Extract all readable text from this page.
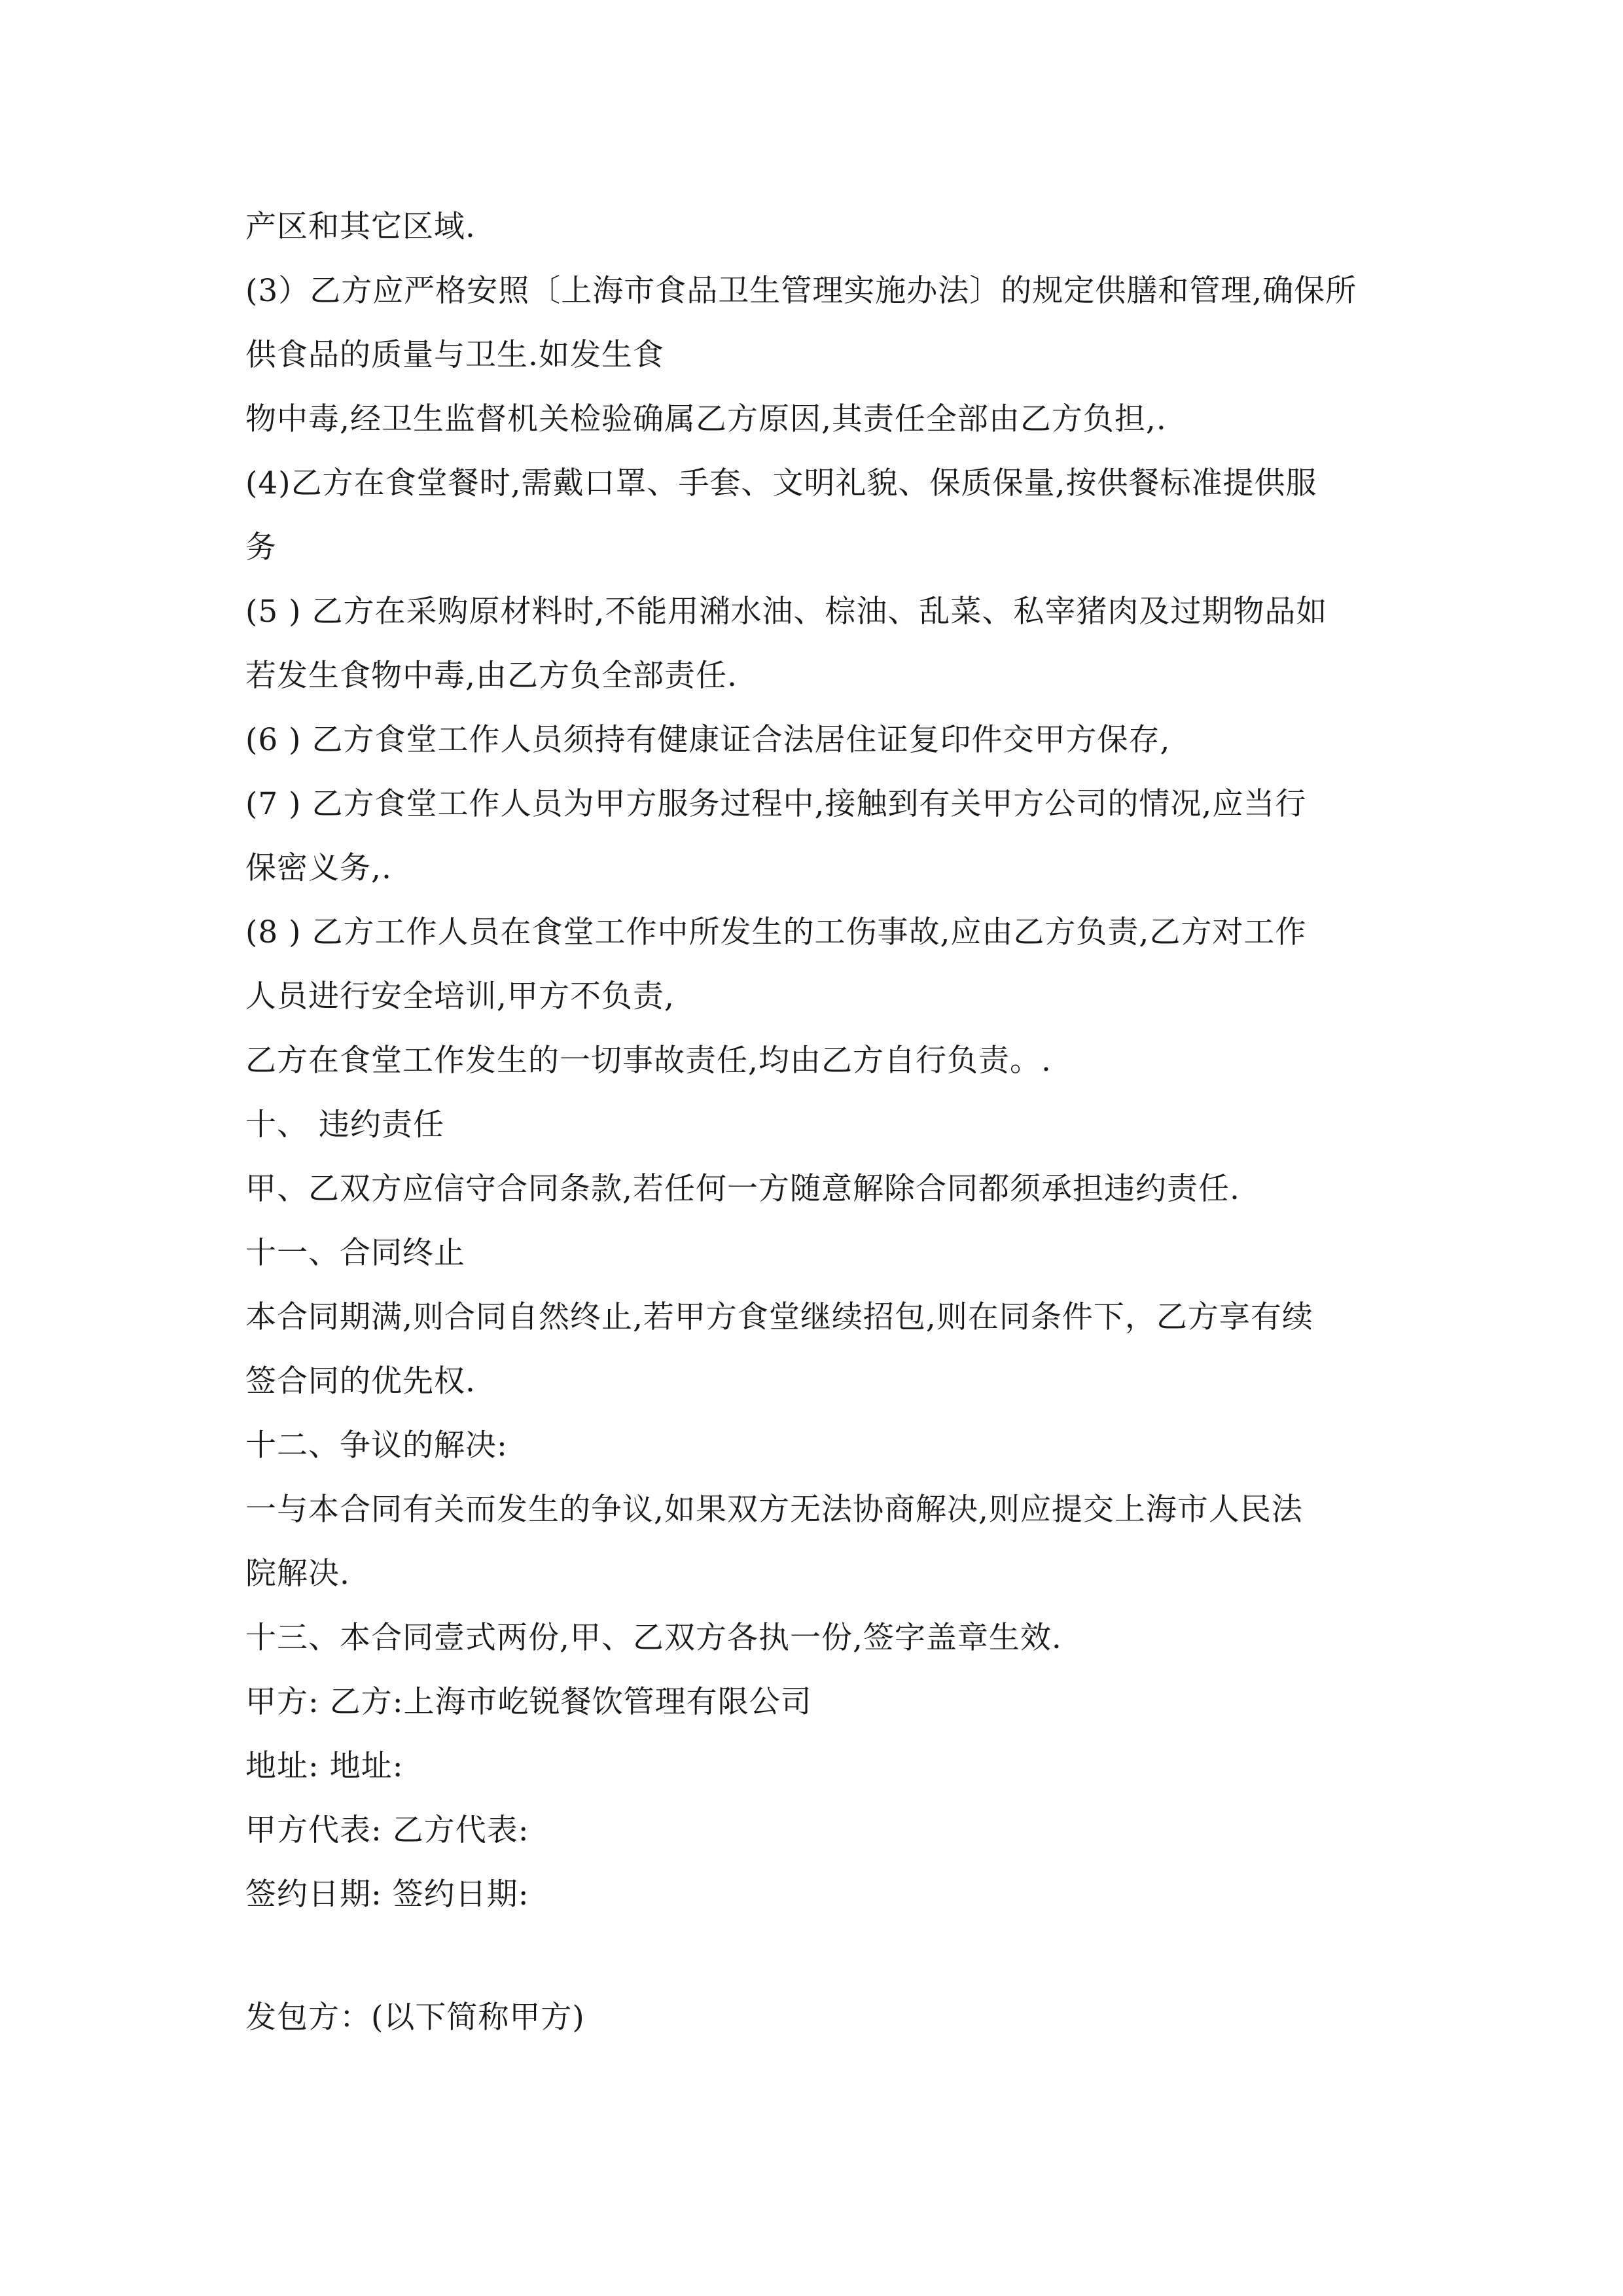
产区和其它区域.
(3）乙方应严格安照〔上海市食品卫生管理实施办法〕的规定供膳和管理,确保所
供食品的质量与卫生.如发生食
物中毒,经卫生监督机关检验确属乙方原因,其责任全部由乙方负担,.
(4)乙方在食堂餐时,需戴口罩、手套、文明礼貌、保质保量,按供餐标准提供服
务
(5 ) 乙方在采购原材料时,不能用潲水油、棕油、乱菜、私宰猪肉及过期物品如
若发生食物中毒,由乙方负全部责任.
(6 ) 乙方食堂工作人员须持有健康证合法居住证复印件交甲方保存,
(7 ) 乙方食堂工作人员为甲方服务过程中,接触到有关甲方公司的情况,应当行
保密义务,.
(8 ) 乙方工作人员在食堂工作中所发生的工伤事故,应由乙方负责,乙方对工作
人员进行安全培训,甲方不负责,
乙方在食堂工作发生的一切事故责任,均由乙方自行负责。.
十、 违约责任
甲、乙双方应信守合同条款,若任何一方随意解除合同都须承担违约责任.
十一、合同终止
本合同期满,则合同自然终止,若甲方食堂继续招包,则在同条件下，乙方享有续
签合同的优先权.
十二、争议的解决:
一与本合同有关而发生的争议,如果双方无法协商解决,则应提交上海市人民法
院解决.
十三、本合同壹式两份,甲、乙双方各执一份,签字盖章生效.
甲方: 乙方:上海市屹锐餐饮管理有限公司
地址: 地址:
甲方代表: 乙方代表:
签约日期: 签约日期:
发包方：(以下简称甲方)
